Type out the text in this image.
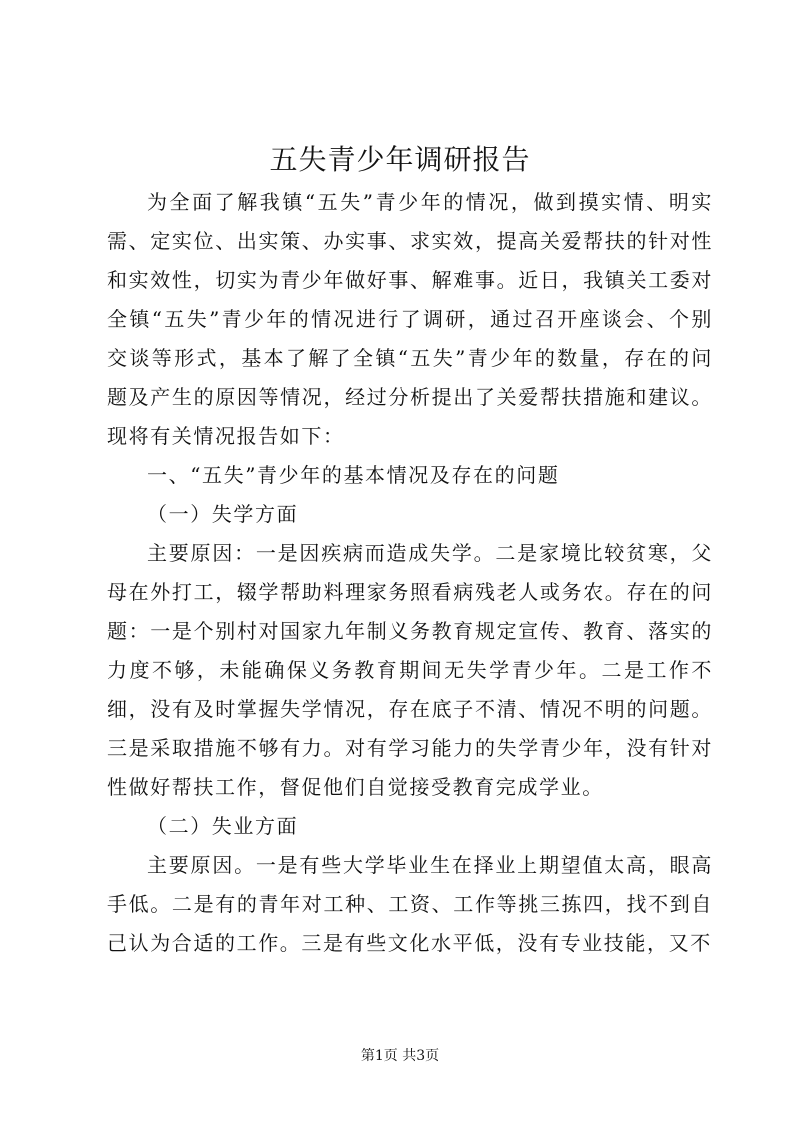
五失青少年调研报告

为全面了解我镇“五失”青少年的情况，做到摸实情、明实需、定实位、出实策、办实事、求实效，提高关爱帮扶的针对性和实效性，切实为青少年做好事、解难事。近日，我镇关工委对全镇“五失”青少年的情况进行了调研，通过召开座谈会、个别交谈等形式，基本了解了全镇“五失”青少年的数量，存在的问题及产生的原因等情况，经过分析提出了关爱帮扶措施和建议。现将有关情况报告如下：

一、“五失”青少年的基本情况及存在的问题

（一）失学方面

主要原因：一是因疾病而造成失学。二是家境比较贫寒，父母在外打工，辍学帮助料理家务照看病残老人或务农。存在的问题：一是个别村对国家九年制义务教育规定宣传、教育、落实的力度不够，未能确保义务教育期间无失学青少年。二是工作不细，没有及时掌握失学情况，存在底子不清、情况不明的问题。三是采取措施不够有力。对有学习能力的失学青少年，没有针对性做好帮扶工作，督促他们自觉接受教育完成学业。

（二）失业方面

主要原因。一是有些大学毕业生在择业上期望值太高，眼高手低。二是有的青年对工种、工资、工作等挑三拣四，找不到自己认为合适的工作。三是有些文化水平低，没有专业技能，又不

第1页 共3页
